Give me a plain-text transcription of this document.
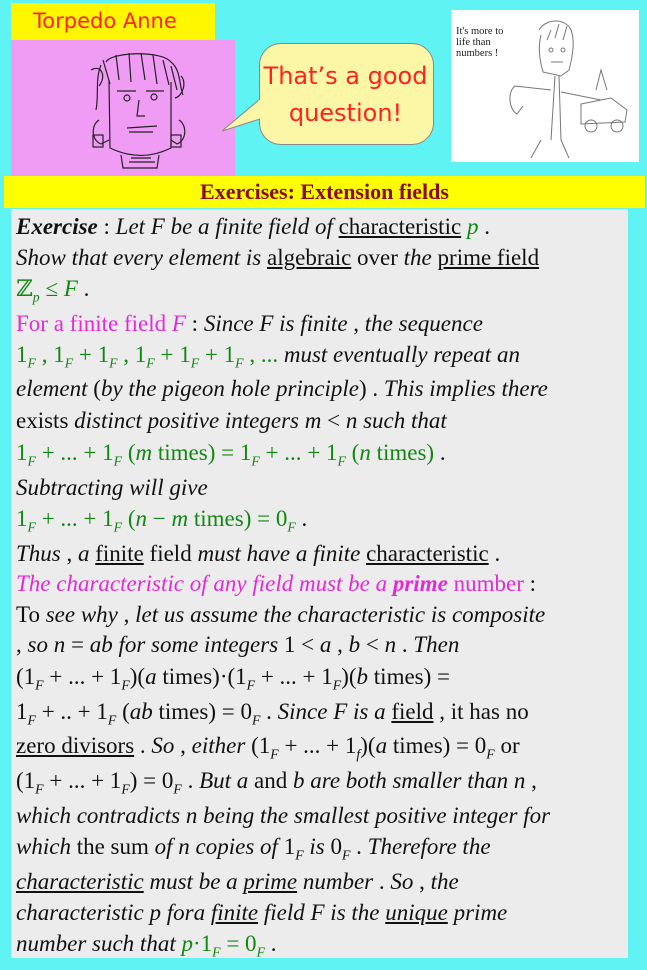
Torpedo Anne
That’s a good
question!
It's more to
life than
numbers !
Exercises: Extension fields
Exercise : Let F be a finite field of characteristic p .
Show that every element is algebraic over the prime field
ℤ$_p$ ≤ F .
For a finite field F : Since F is finite , the sequence
$1_F$ , $1_F + 1_F$ , $1_F + 1_F + 1_F$ , ... must eventually repeat an
element (by the pigeon hole principle) . This implies there
exists distinct positive integers m < n such that
$1_F$ + ... + $1_F$ (m times) = $1_F$ + ... + $1_F$ (n times) .
Subtracting will give
$1_F$ + ... + $1_F$ (n − m times) = $0_F$ .
Thus , a finite field must have a finite characteristic .
The characteristic of any field must be a prime number :
To see why , let us assume the characteristic is composite
, so n = ab for some integers 1 < a , b < n . Then
($1_F$ + ... + $1_F)(a$ $times)\cdot(1_F$ + ... + $1_F)(b$ times) =
$1_F$ + .. + $1_F$ (ab times) = $0_F$ . Since F is a field , it has no
zero divisors . So , either ($1_F$ + ... + $1_f)(a$ times) = $0_F$ or
($1_F$ + ... + $1_F) = 0_F$ . But a and b are both smaller than n ,
which contradicts n being the smallest positive integer for
which the sum of n copies of $1_F$ is $0_F$ . Therefore the
characteristic must be a prime number . So , the
characteristic p fora finite field F is the unique prime
number such that $p\cdot 1_F = 0_F$ .
